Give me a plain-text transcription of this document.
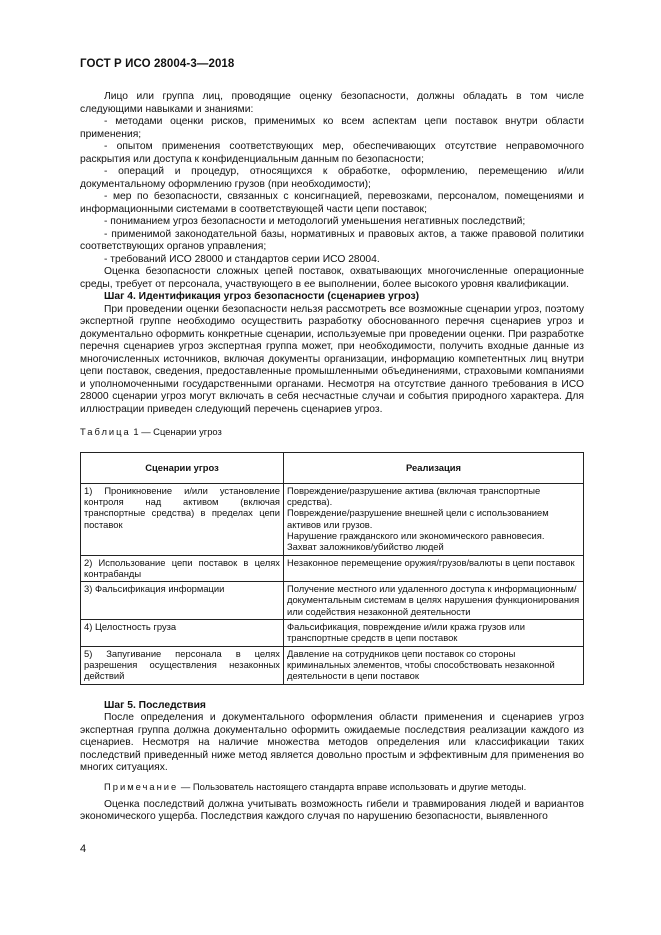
ГОСТ Р ИСО 28004-3—2018

Лицо или группа лиц, проводящие оценку безопасности, должны обладать в том числе следующими навыками и знаниями:

- методами оценки рисков, применимых ко всем аспектам цепи поставок внутри области применения;

- опытом применения соответствующих мер, обеспечивающих отсутствие неправомочного раскрытия или доступа к конфиденциальным данным по безопасности;

- операций и процедур, относящихся к обработке, оформлению, перемещению и/или документальному оформлению грузов (при необходимости);

- мер по безопасности, связанных с консигнацией, перевозками, персоналом, помещениями и информационными системами в соответствующей части цепи поставок;

- пониманием угроз безопасности и методологий уменьшения негативных последствий;

- применимой законодательной базы, нормативных и правовых актов, а также правовой политики соответствующих органов управления;

- требований ИСО 28000 и стандартов серии ИСО 28004.

Оценка безопасности сложных цепей поставок, охватывающих многочисленные операционные среды, требует от персонала, участвующего в ее выполнении, более высокого уровня квалификации.

Шаг 4. Идентификация угроз безопасности (сценариев угроз)

При проведении оценки безопасности нельзя рассмотреть все возможные сценарии угроз, поэтому экспертной группе необходимо осуществить разработку обоснованного перечня сценариев угроз и документально оформить конкретные сценарии, используемые при проведении оценки. При разработке перечня сценариев угроз экспертная группа может, при необходимости, получить входные данные из многочисленных источников, включая документы организации, информацию компетентных лиц внутри цепи поставок, сведения, предоставленные промышленными объединениями, страховыми компаниями и уполномоченными государственными органами. Несмотря на отсутствие данного требования в ИСО 28000 сценарии угроз могут включать в себя несчастные случаи и события природного характера. Для иллюстрации приведен следующий перечень сценариев угроз.

Таблица 1 — Сценарии угроз

Сценарии угроз	Реализация
1) Проникновение и/или установление контроля над активом (включая транспортные средства) в пределах цепи поставок	Повреждение/разрушение актива (включая транспортные средства).
Повреждение/разрушение внешней цели с использованием активов или грузов.
Нарушение гражданского или экономического равновесия.
Захват заложников/убийство людей

2) Использование цепи поставок в целях контрабанды	Незаконное перемещение оружия/грузов/валюты в цепи поставок

3) Фальсификация информации	Получение местного или удаленного доступа к информационным/документальным системам в целях нарушения функционирования или содействия незаконной деятельности

4) Целостность груза	Фальсификация, повреждение и/или кража грузов или транспортные средств в цепи поставок

5) Запугивание персонала в целях разрешения осуществления незаконных действий	Давление на сотрудников цепи поставок со стороны криминальных элементов, чтобы способствовать незаконной деятельности в цепи поставок

Шаг 5. Последствия

После определения и документального оформления области применения и сценариев угроз экспертная группа должна документально оформить ожидаемые последствия реализации каждого из сценариев. Несмотря на наличие множества методов определения или классификации таких последствий приведенный ниже метод является довольно простым и эффективным для применения во многих ситуациях.

Примечание — Пользователь настоящего стандарта вправе использовать и другие методы.

Оценка последствий должна учитывать возможность гибели и травмирования людей и вариантов экономического ущерба. Последствия каждого случая по нарушению безопасности, выявленного

4
